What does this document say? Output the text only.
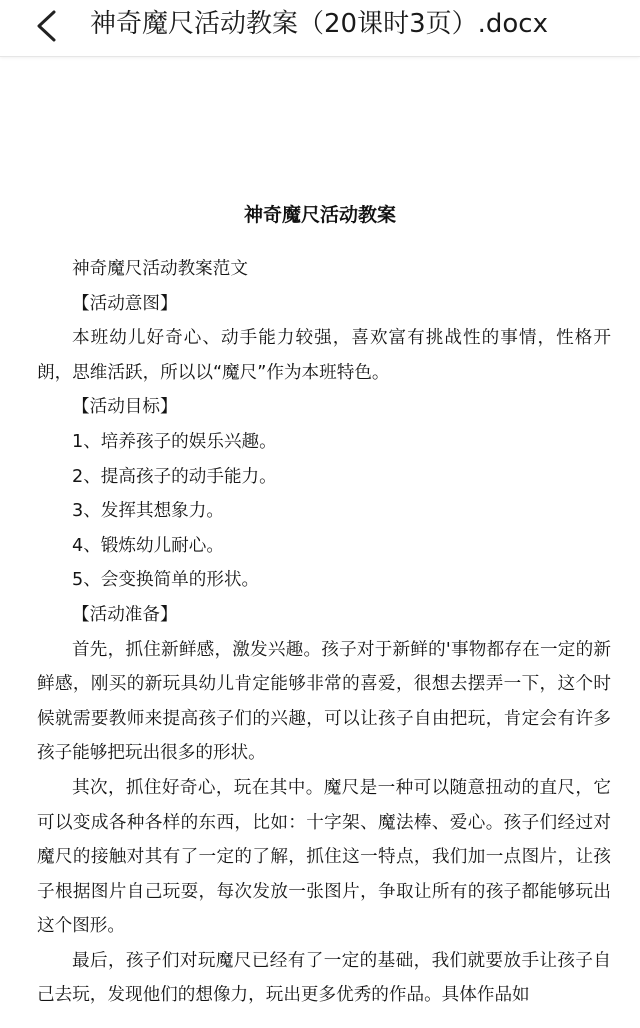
神奇魔尺活动教案（20课时3页）.docx
神奇魔尺活动教案

神奇魔尺活动教案范文

【活动意图】

本班幼儿好奇心、动手能力较强，喜欢富有挑战性的事情，性格开朗，思维活跃，所以以“魔尺”作为本班特色。

【活动目标】

1、培养孩子的娱乐兴趣。

2、提高孩子的动手能力。

3、发挥其想象力。

4、锻炼幼儿耐心。

5、会变换简单的形状。

【活动准备】

首先，抓住新鲜感，激发兴趣。孩子对于新鲜的'事物都存在一定的新鲜感，刚买的新玩具幼儿肯定能够非常的喜爱，很想去摆弄一下，这个时候就需要教师来提高孩子们的兴趣，可以让孩子自由把玩，肯定会有许多孩子能够把玩出很多的形状。

其次，抓住好奇心，玩在其中。魔尺是一种可以随意扭动的直尺，它可以变成各种各样的东西，比如：十字架、魔法棒、爱心。孩子们经过对魔尺的接触对其有了一定的了解，抓住这一特点，我们加一点图片，让孩子根据图片自己玩耍，每次发放一张图片，争取让所有的孩子都能够玩出这个图形。

最后，孩子们对玩魔尺已经有了一定的基础，我们就要放手让孩子自己去玩，发现他们的想像力，玩出更多优秀的作品。具体作品如
